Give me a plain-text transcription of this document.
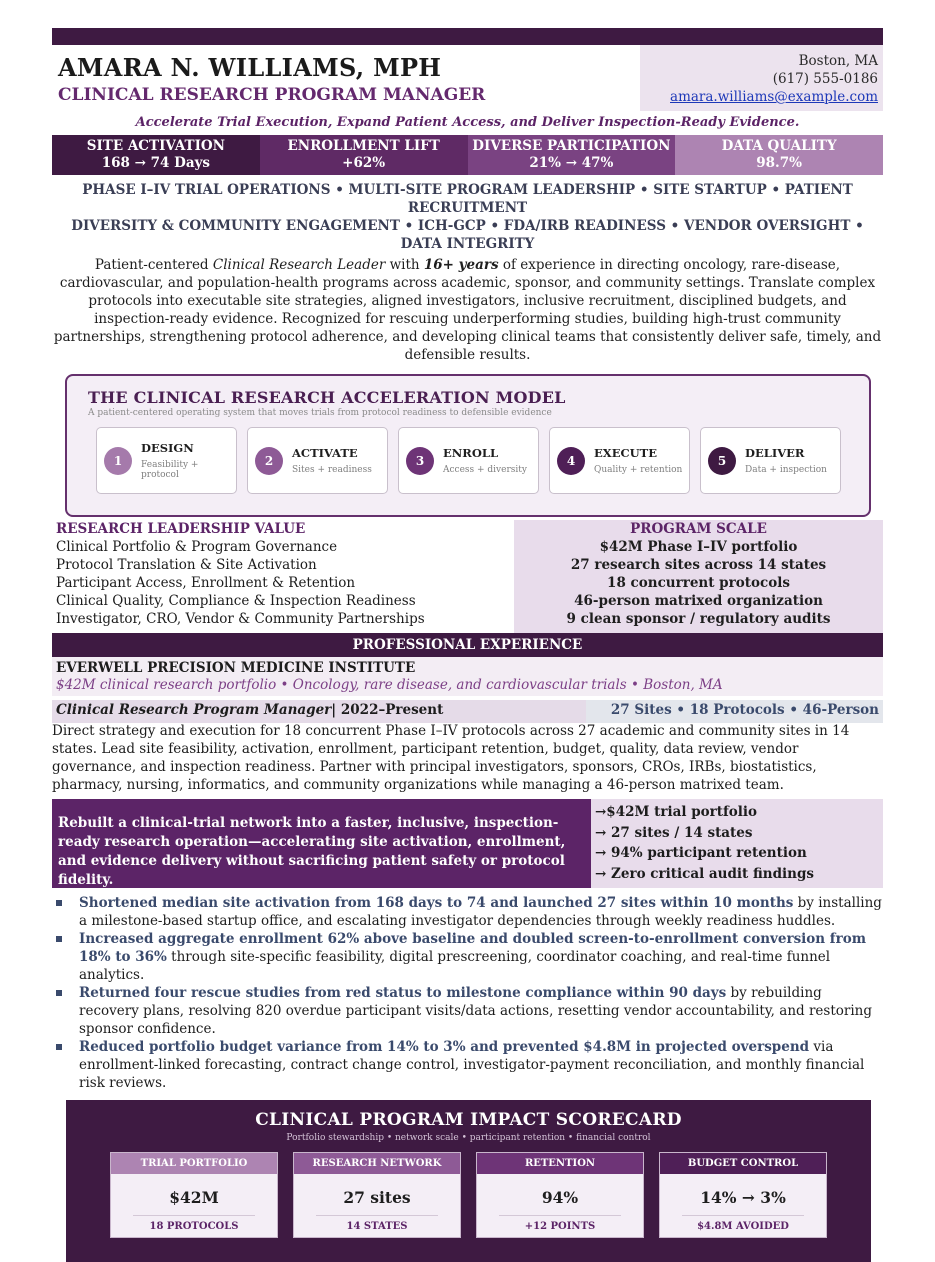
AMARA N. WILLIAMS, MPH
CLINICAL RESEARCH PROGRAM MANAGER
Boston, MA
(617) 555-0186
amara.williams@example.com
Accelerate Trial Execution, Expand Patient Access, and Deliver Inspection-Ready Evidence.
SITE ACTIVATION
168 → 74 Days
ENROLLMENT LIFT
+62%
DIVERSE PARTICIPATION
21% → 47%
DATA QUALITY
98.7%
PHASE I–IV TRIAL OPERATIONS • MULTI-SITE PROGRAM LEADERSHIP • SITE STARTUP • PATIENT RECRUITMENT
DIVERSITY & COMMUNITY ENGAGEMENT • ICH-GCP • FDA/IRB READINESS • VENDOR OVERSIGHT • DATA INTEGRITY
Patient-centered Clinical Research Leader with 16+ years of experience in directing oncology, rare-disease, cardiovascular, and population-health programs across academic, sponsor, and community settings. Translate complex protocols into executable site strategies, aligned investigators, inclusive recruitment, disciplined budgets, and inspection-ready evidence. Recognized for rescuing underperforming studies, building high-trust community partnerships, strengthening protocol adherence, and developing clinical teams that consistently deliver safe, timely, and defensible results.
THE CLINICAL RESEARCH ACCELERATION MODEL
A patient-centered operating system that moves trials from protocol readiness to defensible evidence
1
DESIGN
Feasibility + protocol
2
ACTIVATE
Sites + readiness
3
ENROLL
Access + diversity
4
EXECUTE
Quality + retention
5
DELIVER
Data + inspection
RESEARCH LEADERSHIP VALUE
Clinical Portfolio & Program Governance
Protocol Translation & Site Activation
Participant Access, Enrollment & Retention
Clinical Quality, Compliance & Inspection Readiness
Investigator, CRO, Vendor & Community Partnerships
PROGRAM SCALE
$42M Phase I–IV portfolio
27 research sites across 14 states
18 concurrent protocols
46-person matrixed organization
9 clean sponsor / regulatory audits
PROFESSIONAL EXPERIENCE
EVERWELL PRECISION MEDICINE INSTITUTE
$42M clinical research portfolio • Oncology, rare disease, and cardiovascular trials • Boston, MA
Clinical Research Program Manager| 2022–Present	27 Sites • 18 Protocols • 46-Person
Direct strategy and execution for 18 concurrent Phase I–IV protocols across 27 academic and community sites in 14 states. Lead site feasibility, activation, enrollment, participant retention, budget, quality, data review, vendor governance, and inspection readiness. Partner with principal investigators, sponsors, CROs, IRBs, biostatistics, pharmacy, nursing, informatics, and community organizations while managing a 46-person matrixed team.
Rebuilt a clinical-trial network into a faster, inclusive, inspection-ready research operation—accelerating site activation, enrollment, and evidence delivery without sacrificing patient safety or protocol fidelity.
→$42M trial portfolio
→ 27 sites / 14 states
→ 94% participant retention
→ Zero critical audit findings
Shortened median site activation from 168 days to 74 and launched 27 sites within 10 months by installing a milestone-based startup office, and escalating investigator dependencies through weekly readiness huddles.
Increased aggregate enrollment 62% above baseline and doubled screen-to-enrollment conversion from 18% to 36% through site-specific feasibility, digital prescreening, coordinator coaching, and real-time funnel analytics.
Returned four rescue studies from red status to milestone compliance within 90 days by rebuilding recovery plans, resolving 820 overdue participant visits/data actions, resetting vendor accountability, and restoring sponsor confidence.
Reduced portfolio budget variance from 14% to 3% and prevented $4.8M in projected overspend via enrollment-linked forecasting, contract change control, investigator-payment reconciliation, and monthly financial risk reviews.
CLINICAL PROGRAM IMPACT SCORECARD
Portfolio stewardship • network scale • participant retention • financial control
TRIAL PORTFOLIO
$42M
18 PROTOCOLS
RESEARCH NETWORK
27 sites
14 STATES
RETENTION
94%
+12 POINTS
BUDGET CONTROL
14% → 3%
$4.8M AVOIDED
